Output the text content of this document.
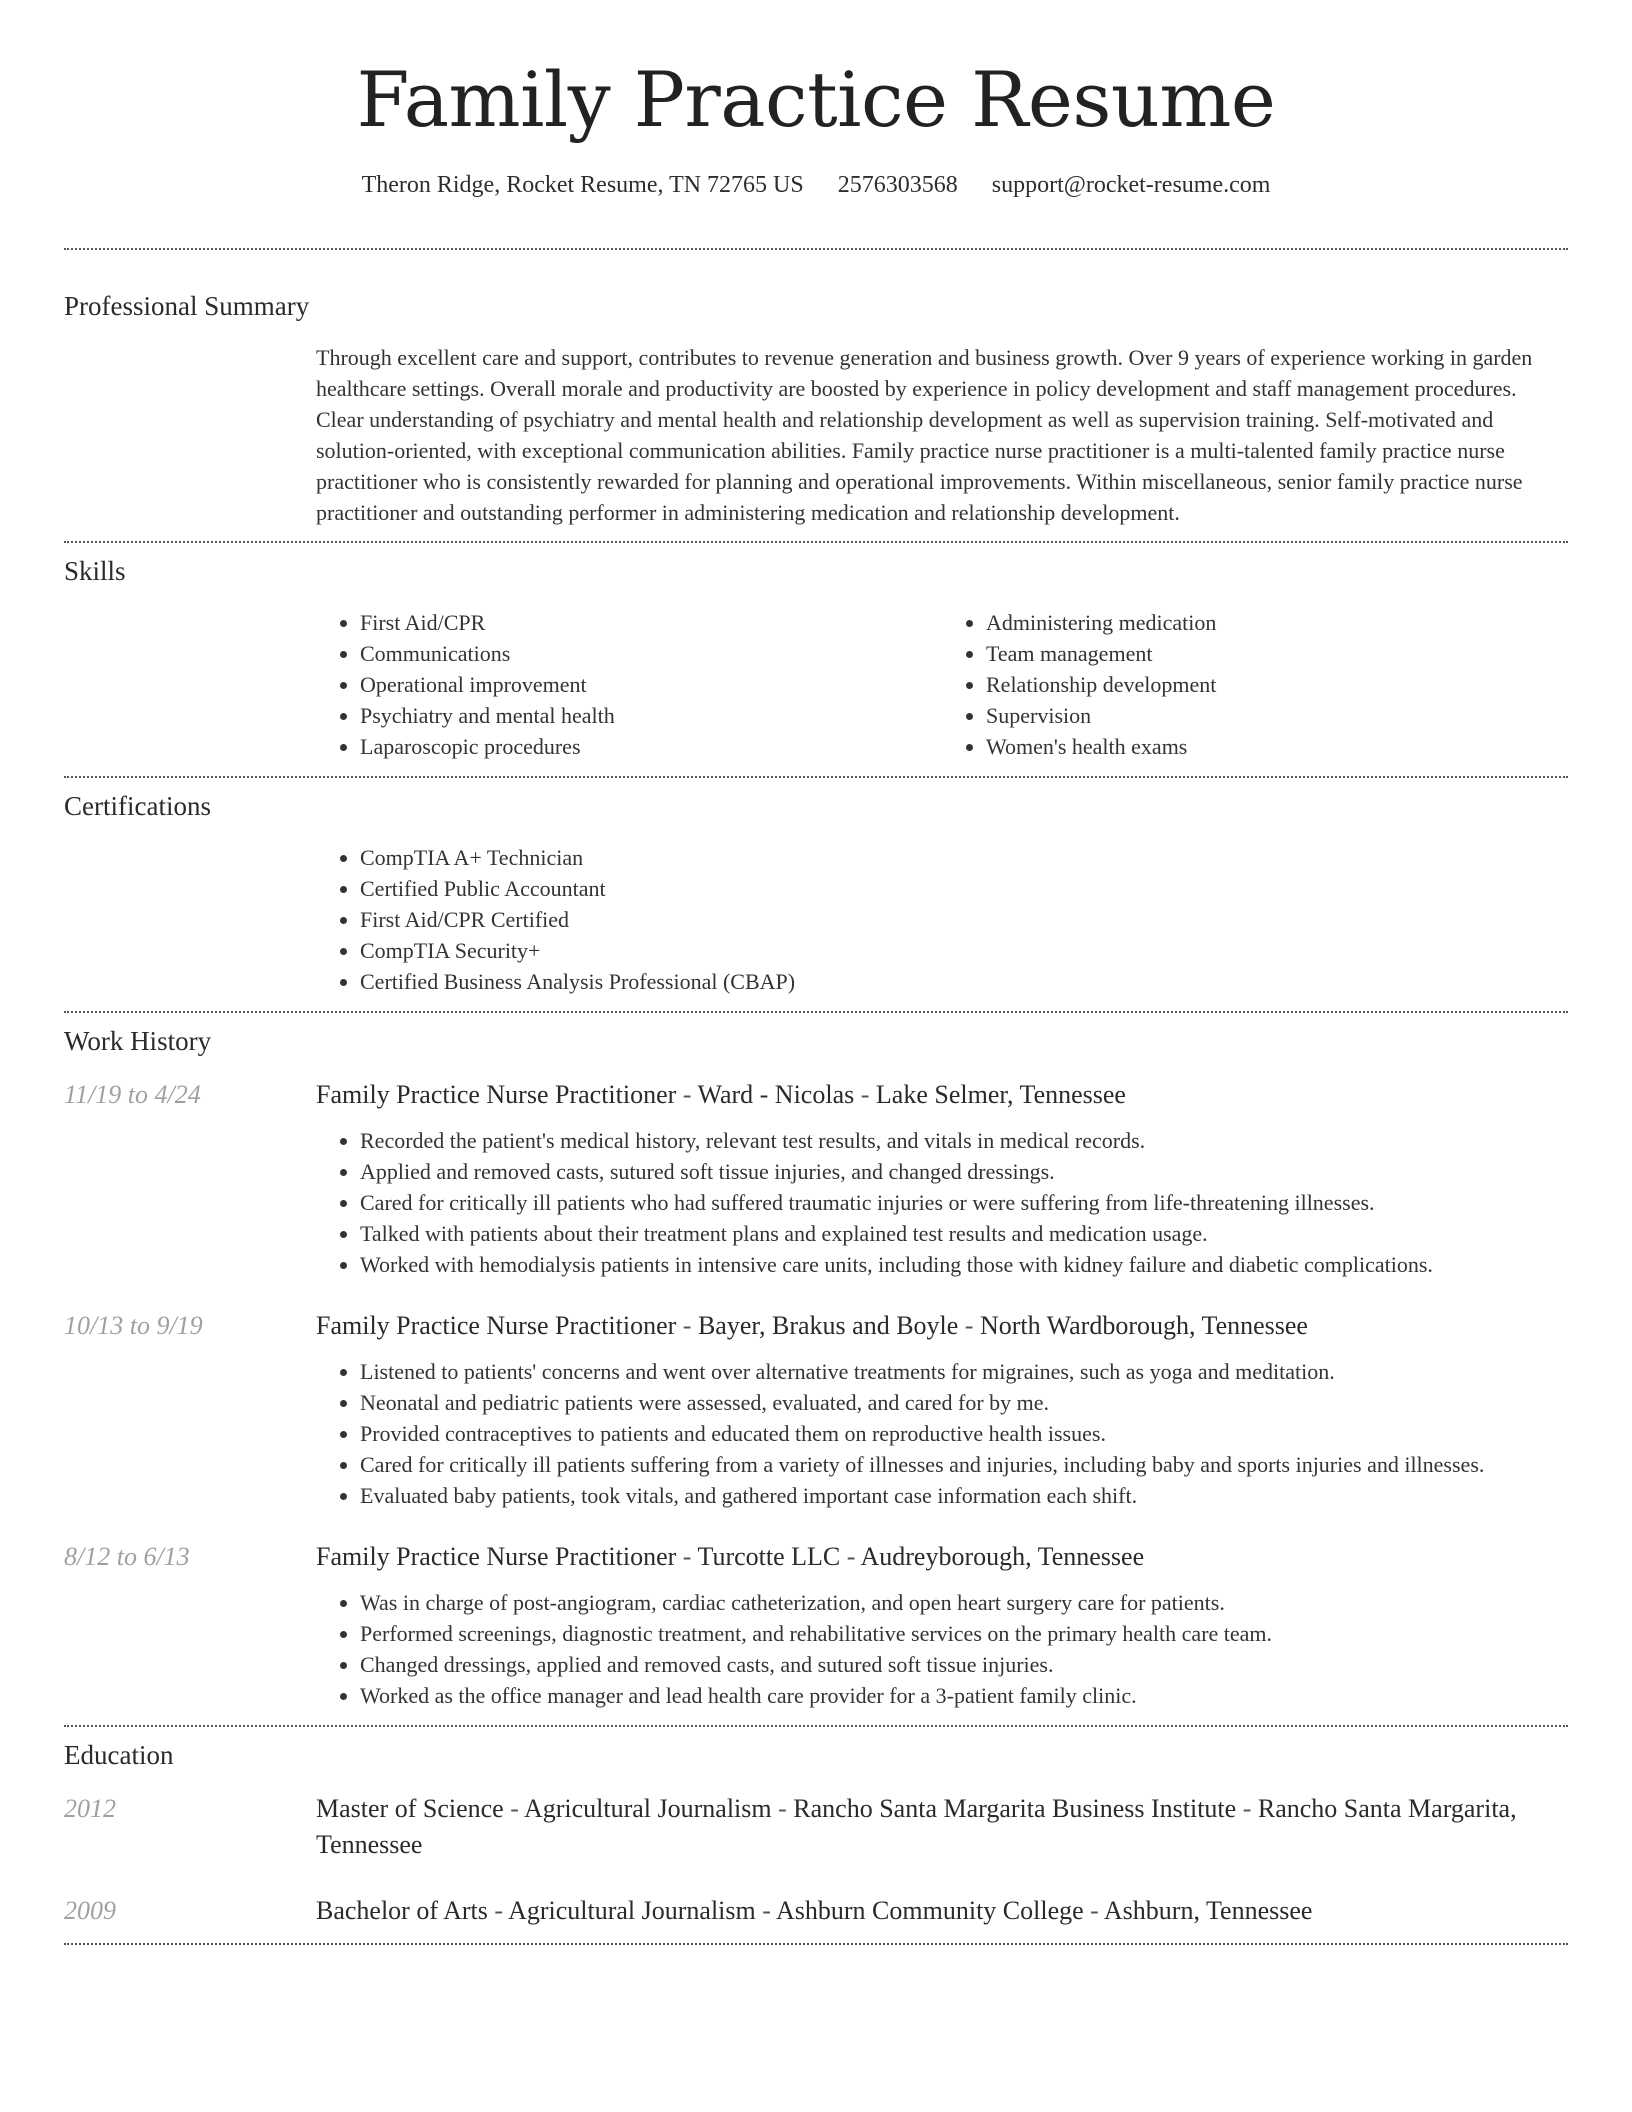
Family Practice Resume
Theron Ridge, Rocket Resume, TN 72765 US 2576303568 support@rocket-resume.com
Professional Summary
Through excellent care and support, contributes to revenue generation and business growth. Over 9 years of experience working in garden healthcare settings. Overall morale and productivity are boosted by experience in policy development and staff management procedures. Clear understanding of psychiatry and mental health and relationship development as well as supervision training. Self-motivated and solution-oriented, with exceptional communication abilities. Family practice nurse practitioner is a multi-talented family practice nurse practitioner who is consistently rewarded for planning and operational improvements. Within miscellaneous, senior family practice nurse practitioner and outstanding performer in administering medication and relationship development.
Skills
• First Aid/CPR
• Communications
• Operational improvement
• Psychiatry and mental health
• Laparoscopic procedures
• Administering medication
• Team management
• Relationship development
• Supervision
• Women's health exams
Certifications
• CompTIA A+ Technician
• Certified Public Accountant
• First Aid/CPR Certified
• CompTIA Security+
• Certified Business Analysis Professional (CBAP)
Work History
11/19 to 4/24	Family Practice Nurse Practitioner - Ward - Nicolas - Lake Selmer, Tennessee
• Recorded the patient's medical history, relevant test results, and vitals in medical records.
• Applied and removed casts, sutured soft tissue injuries, and changed dressings.
• Cared for critically ill patients who had suffered traumatic injuries or were suffering from life-threatening illnesses.
• Talked with patients about their treatment plans and explained test results and medication usage.
• Worked with hemodialysis patients in intensive care units, including those with kidney failure and diabetic complications.
10/13 to 9/19	Family Practice Nurse Practitioner - Bayer, Brakus and Boyle - North Wardborough, Tennessee
• Listened to patients' concerns and went over alternative treatments for migraines, such as yoga and meditation.
• Neonatal and pediatric patients were assessed, evaluated, and cared for by me.
• Provided contraceptives to patients and educated them on reproductive health issues.
• Cared for critically ill patients suffering from a variety of illnesses and injuries, including baby and sports injuries and illnesses.
• Evaluated baby patients, took vitals, and gathered important case information each shift.
8/12 to 6/13	Family Practice Nurse Practitioner - Turcotte LLC - Audreyborough, Tennessee
• Was in charge of post-angiogram, cardiac catheterization, and open heart surgery care for patients.
• Performed screenings, diagnostic treatment, and rehabilitative services on the primary health care team.
• Changed dressings, applied and removed casts, and sutured soft tissue injuries.
• Worked as the office manager and lead health care provider for a 3-patient family clinic.
Education
2012	Master of Science - Agricultural Journalism - Rancho Santa Margarita Business Institute - Rancho Santa Margarita, Tennessee
2009	Bachelor of Arts - Agricultural Journalism - Ashburn Community College - Ashburn, Tennessee
